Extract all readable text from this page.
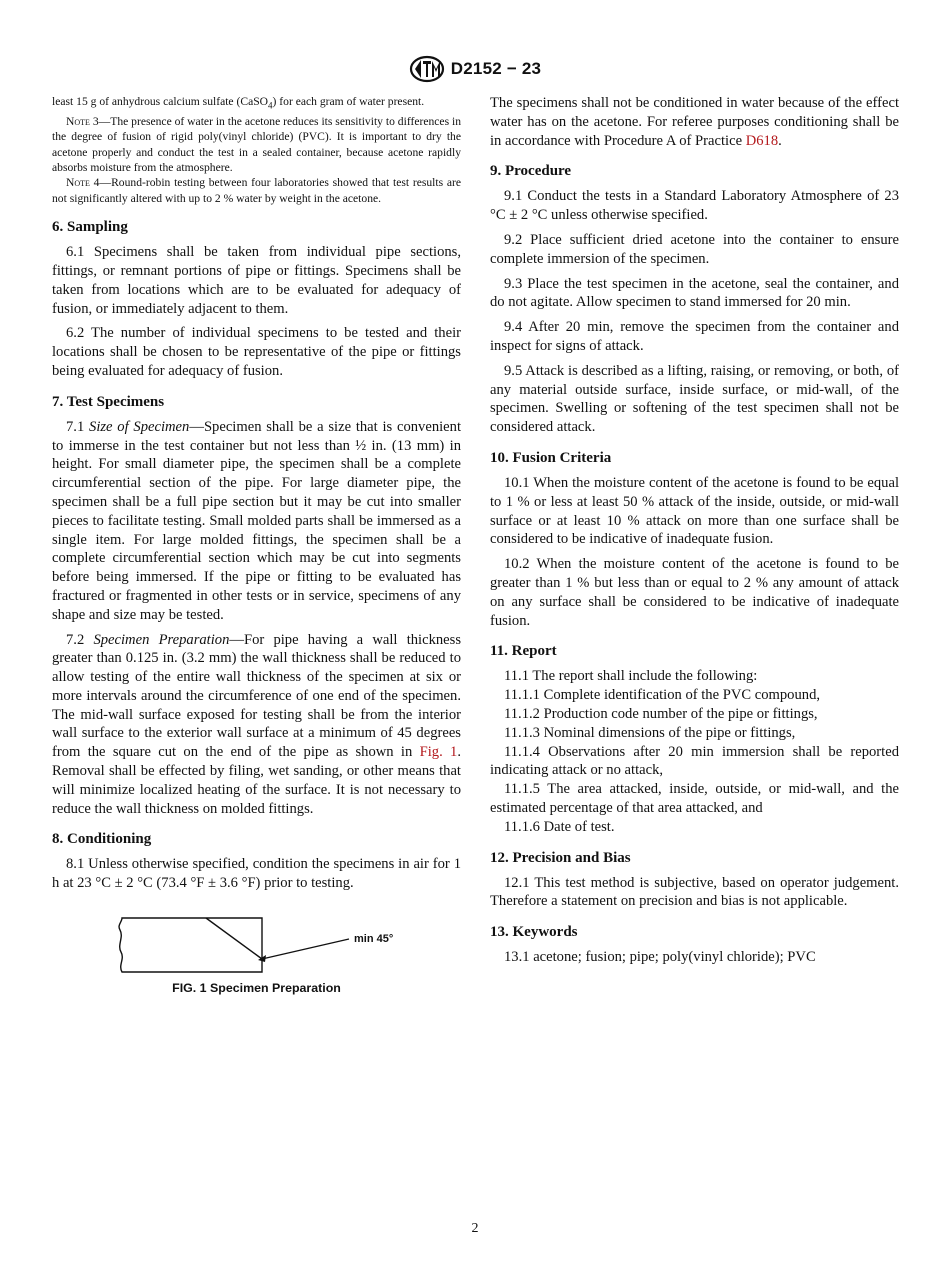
D2152 − 23

least 15 g of anhydrous calcium sulfate (CaSO$_4$) for each gram of water present.

Note 3—The presence of water in the acetone reduces its sensitivity to differences in the degree of fusion of rigid poly(vinyl chloride) (PVC). It is important to dry the acetone properly and conduct the test in a sealed container, because acetone rapidly absorbs moisture from the atmosphere.

Note 4—Round-robin testing between four laboratories showed that test results are not significantly altered with up to 2 % water by weight in the acetone.

6. Sampling

6.1 Specimens shall be taken from individual pipe sections, fittings, or remnant portions of pipe or fittings. Specimens shall be taken from locations which are to be evaluated for adequacy of fusion, or immediately adjacent to them.

6.2 The number of individual specimens to be tested and their locations shall be chosen to be representative of the pipe or fittings being evaluated for adequacy of fusion.

7. Test Specimens

7.1 Size of Specimen—Specimen shall be a size that is convenient to immerse in the test container but not less than ½ in. (13 mm) in height. For small diameter pipe, the specimen shall be a complete circumferential section of the pipe. For large diameter pipe, the specimen shall be a full pipe section but it may be cut into smaller pieces to facilitate testing. Small molded parts shall be immersed as a single item. For large molded fittings, the specimen shall be a complete circumferential section which may be cut into segments before being immersed. If the pipe or fitting to be evaluated has fractured or fragmented in other tests or in service, specimens of any shape and size may be tested.

7.2 Specimen Preparation—For pipe having a wall thickness greater than 0.125 in. (3.2 mm) the wall thickness shall be reduced to allow testing of the entire wall thickness of the specimen at six or more intervals around the circumference of one end of the specimen. The mid-wall surface exposed for testing shall be from the interior wall surface to the exterior wall surface at a minimum of 45 degrees from the square cut on the end of the pipe as shown in Fig. 1. Removal shall be effected by filing, wet sanding, or other means that will minimize localized heating of the surface. It is not necessary to reduce the wall thickness on molded fittings.

8. Conditioning

8.1 Unless otherwise specified, condition the specimens in air for 1 h at 23 °C ± 2 °C (73.4 °F ± 3.6 °F) prior to testing.

min 45°
FIG. 1 Specimen Preparation

The specimens shall not be conditioned in water because of the effect water has on the acetone. For referee purposes conditioning shall be in accordance with Procedure A of Practice D618.

9. Procedure

9.1 Conduct the tests in a Standard Laboratory Atmosphere of 23 °C ± 2 °C unless otherwise specified.

9.2 Place sufficient dried acetone into the container to ensure complete immersion of the specimen.

9.3 Place the test specimen in the acetone, seal the container, and do not agitate. Allow specimen to stand immersed for 20 min.

9.4 After 20 min, remove the specimen from the container and inspect for signs of attack.

9.5 Attack is described as a lifting, raising, or removing, or both, of any material outside surface, inside surface, or mid-wall, of the specimen. Swelling or softening of the test specimen shall not be considered attack.

10. Fusion Criteria

10.1 When the moisture content of the acetone is found to be equal to 1 % or less at least 50 % attack of the inside, outside, or mid-wall surface or at least 10 % attack on more than one surface shall be considered to be indicative of inadequate fusion.

10.2 When the moisture content of the acetone is found to be greater than 1 % but less than or equal to 2 % any amount of attack on any surface shall be considered to be indicative of inadequate fusion.

11. Report

11.1 The report shall include the following:

11.1.1 Complete identification of the PVC compound,

11.1.2 Production code number of the pipe or fittings,

11.1.3 Nominal dimensions of the pipe or fittings,

11.1.4 Observations after 20 min immersion shall be reported indicating attack or no attack,

11.1.5 The area attacked, inside, outside, or mid-wall, and the estimated percentage of that area attacked, and

11.1.6 Date of test.

12. Precision and Bias

12.1 This test method is subjective, based on operator judgement. Therefore a statement on precision and bias is not applicable.

13. Keywords

13.1 acetone; fusion; pipe; poly(vinyl chloride); PVC

2
